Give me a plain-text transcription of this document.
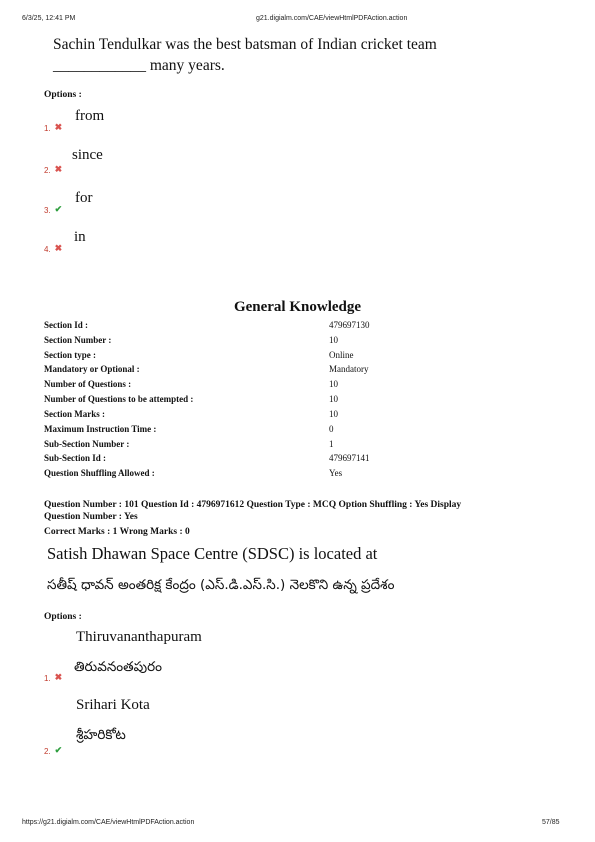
6/3/25, 12:41 PM	g21.digialm.com/CAE/viewHtmlPDFAction.action
Sachin Tendulkar was the best batsman of Indian cricket team
____________ many years.
Options :
1. ✖
from
2. ✖
since
3. ✔
for
4. ✖
in
General Knowledge
Section Id :	479697130
Section Number :	10
Section type :	Online
Mandatory or Optional :	Mandatory
Number of Questions :	10
Number of Questions to be attempted :	10
Section Marks :	10
Maximum Instruction Time :	0
Sub-Section Number :	1
Sub-Section Id :	479697141
Question Shuffling Allowed :	Yes
Question Number : 101 Question Id : 4796971612 Question Type : MCQ Option Shuffling : Yes Display
Question Number : Yes
Correct Marks : 1 Wrong Marks : 0
Satish Dhawan Space Centre (SDSC) is located at
సతీష్ ధావన్ అంతరిక్ష కేంద్రం (ఎస్.డి.ఎస్.సి.) నెలకొని ఉన్న ప్రదేశం
Options :
Thiruvananthapuram
1. ✖
తిరువనంతపురం
Srihari Kota
శ్రీహరికోట
2. ✔
https://g21.digialm.com/CAE/viewHtmlPDFAction.action	57/85
